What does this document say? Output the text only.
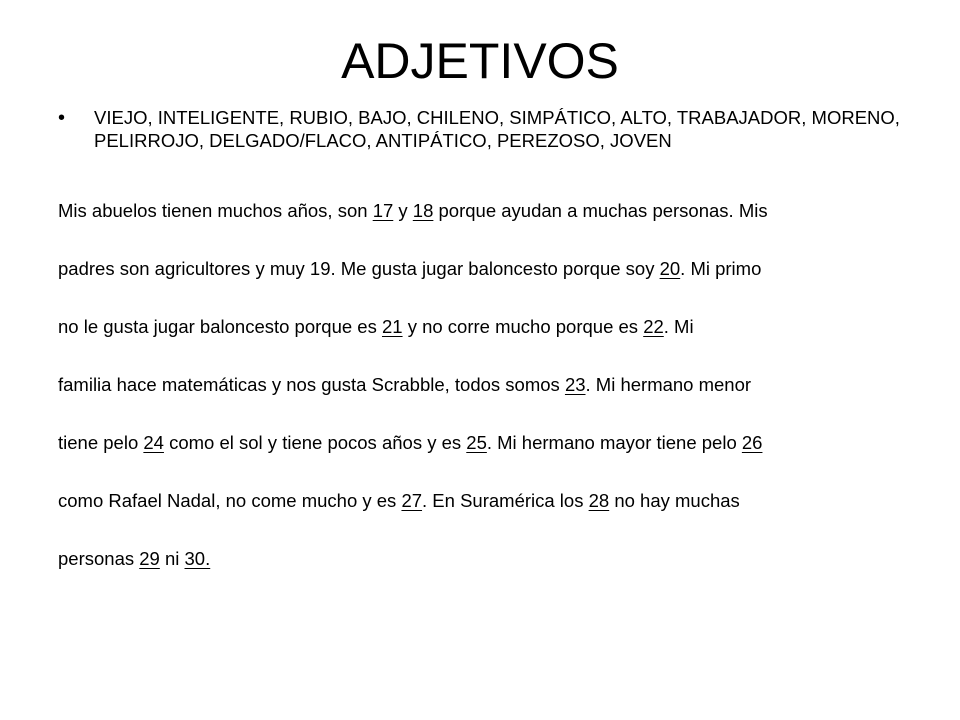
ADJETIVOS
•	VIEJO, INTELIGENTE, RUBIO, BAJO, CHILENO, SIMPÁTICO, ALTO, TRABAJADOR, MORENO, PELIRROJO, DELGADO/FLACO, ANTIPÁTICO, PEREZOSO, JOVEN
Mis abuelos tienen muchos años, son 17 y 18 porque ayudan a muchas personas. Mis
padres son agricultores y muy 19. Me gusta jugar baloncesto porque soy 20. Mi primo
no le gusta jugar baloncesto porque es 21 y no corre mucho porque es 22. Mi
familia hace matemáticas y nos gusta Scrabble, todos somos 23. Mi hermano menor
tiene pelo 24 como el sol y tiene pocos años y es 25. Mi hermano mayor tiene pelo 26
como Rafael Nadal, no come mucho y es 27. En Suramérica los 28 no hay muchas
personas 29 ni 30.
